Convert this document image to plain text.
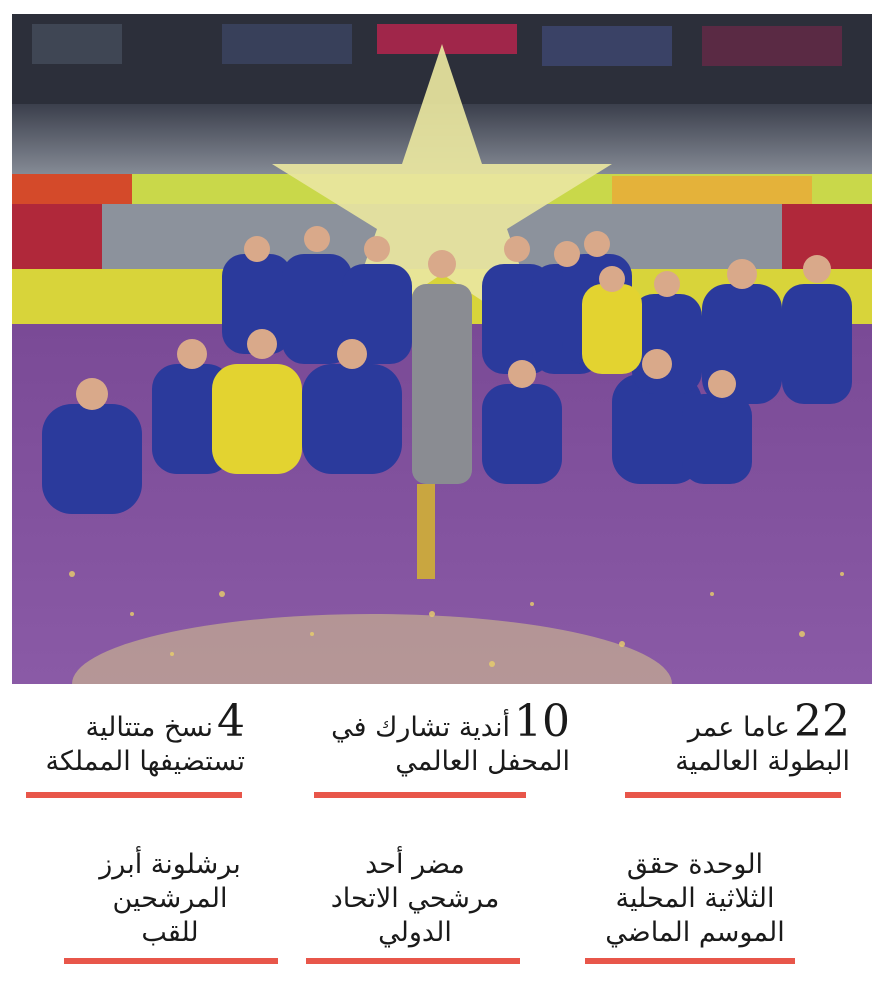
22عاما عمر
البطولة العالمية
10أندية تشارك في
المحفل العالمي
4نسخ متتالية
تستضيفها المملكة
الوحدة حقق
الثلاثية المحلية
الموسم الماضي
مضر أحد
مرشحي الاتحاد
الدولي
برشلونة أبرز
المرشحين
للقب
